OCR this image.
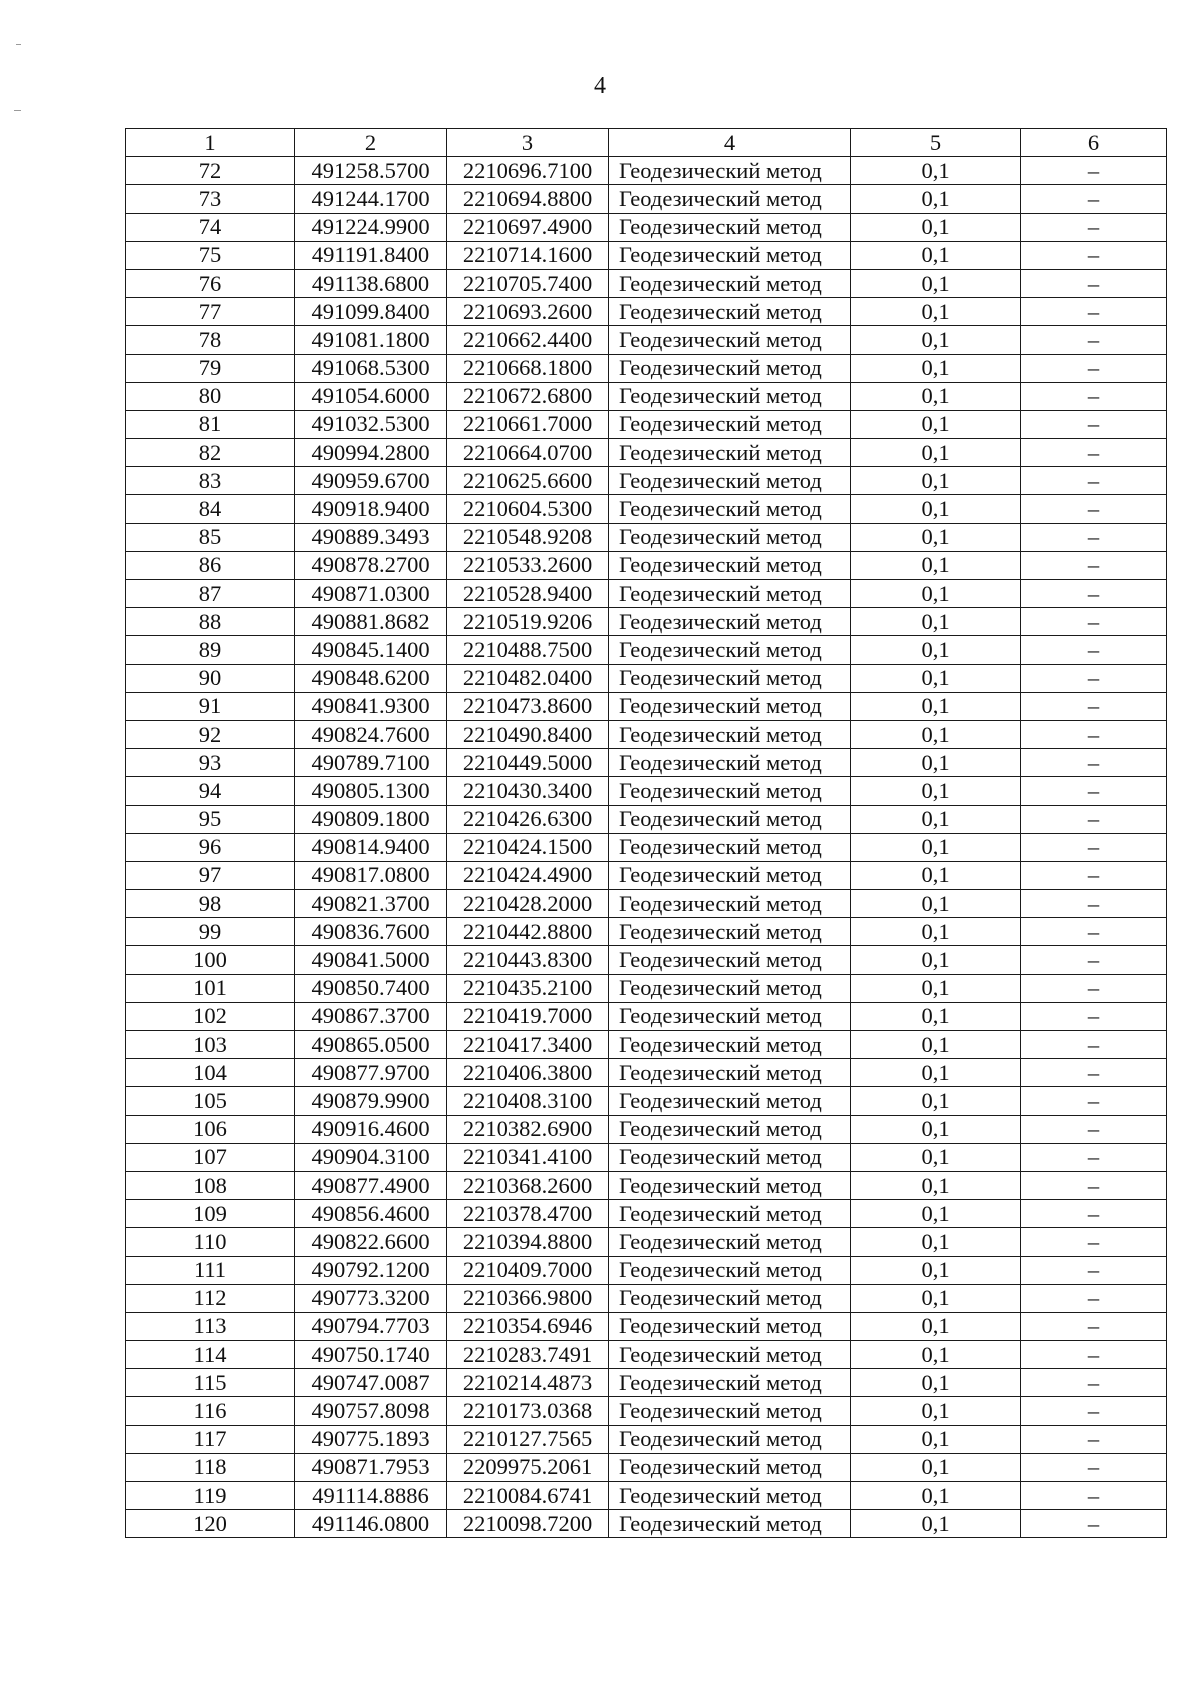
4
1	2	3	4	5	6
72	491258.5700	2210696.7100	Геодезический метод	0,1	–
73	491244.1700	2210694.8800	Геодезический метод	0,1	–
74	491224.9900	2210697.4900	Геодезический метод	0,1	–
75	491191.8400	2210714.1600	Геодезический метод	0,1	–
76	491138.6800	2210705.7400	Геодезический метод	0,1	–
77	491099.8400	2210693.2600	Геодезический метод	0,1	–
78	491081.1800	2210662.4400	Геодезический метод	0,1	–
79	491068.5300	2210668.1800	Геодезический метод	0,1	–
80	491054.6000	2210672.6800	Геодезический метод	0,1	–
81	491032.5300	2210661.7000	Геодезический метод	0,1	–
82	490994.2800	2210664.0700	Геодезический метод	0,1	–
83	490959.6700	2210625.6600	Геодезический метод	0,1	–
84	490918.9400	2210604.5300	Геодезический метод	0,1	–
85	490889.3493	2210548.9208	Геодезический метод	0,1	–
86	490878.2700	2210533.2600	Геодезический метод	0,1	–
87	490871.0300	2210528.9400	Геодезический метод	0,1	–
88	490881.8682	2210519.9206	Геодезический метод	0,1	–
89	490845.1400	2210488.7500	Геодезический метод	0,1	–
90	490848.6200	2210482.0400	Геодезический метод	0,1	–
91	490841.9300	2210473.8600	Геодезический метод	0,1	–
92	490824.7600	2210490.8400	Геодезический метод	0,1	–
93	490789.7100	2210449.5000	Геодезический метод	0,1	–
94	490805.1300	2210430.3400	Геодезический метод	0,1	–
95	490809.1800	2210426.6300	Геодезический метод	0,1	–
96	490814.9400	2210424.1500	Геодезический метод	0,1	–
97	490817.0800	2210424.4900	Геодезический метод	0,1	–
98	490821.3700	2210428.2000	Геодезический метод	0,1	–
99	490836.7600	2210442.8800	Геодезический метод	0,1	–
100	490841.5000	2210443.8300	Геодезический метод	0,1	–
101	490850.7400	2210435.2100	Геодезический метод	0,1	–
102	490867.3700	2210419.7000	Геодезический метод	0,1	–
103	490865.0500	2210417.3400	Геодезический метод	0,1	–
104	490877.9700	2210406.3800	Геодезический метод	0,1	–
105	490879.9900	2210408.3100	Геодезический метод	0,1	–
106	490916.4600	2210382.6900	Геодезический метод	0,1	–
107	490904.3100	2210341.4100	Геодезический метод	0,1	–
108	490877.4900	2210368.2600	Геодезический метод	0,1	–
109	490856.4600	2210378.4700	Геодезический метод	0,1	–
110	490822.6600	2210394.8800	Геодезический метод	0,1	–
111	490792.1200	2210409.7000	Геодезический метод	0,1	–
112	490773.3200	2210366.9800	Геодезический метод	0,1	–
113	490794.7703	2210354.6946	Геодезический метод	0,1	–
114	490750.1740	2210283.7491	Геодезический метод	0,1	–
115	490747.0087	2210214.4873	Геодезический метод	0,1	–
116	490757.8098	2210173.0368	Геодезический метод	0,1	–
117	490775.1893	2210127.7565	Геодезический метод	0,1	–
118	490871.7953	2209975.2061	Геодезический метод	0,1	–
119	491114.8886	2210084.6741	Геодезический метод	0,1	–
120	491146.0800	2210098.7200	Геодезический метод	0,1	–
